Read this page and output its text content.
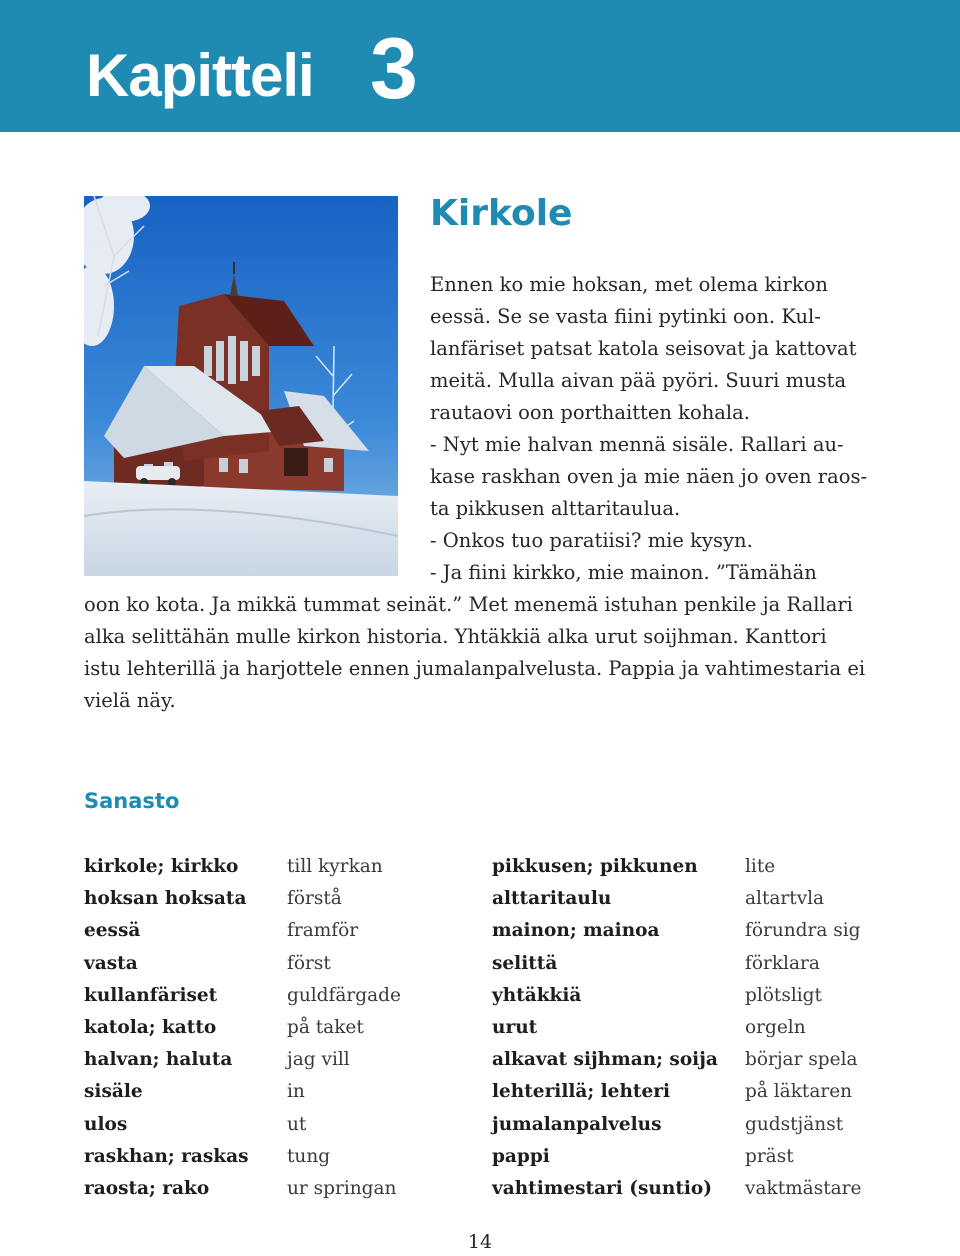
Kapitteli 3
Kirkole
Ennen ko mie hoksan, met olema kirkon
eessä. Se se vasta fiini pytinki oon. Kul-
lanfäriset patsat katola seisovat ja kattovat
meitä. Mulla aivan pää pyöri. Suuri musta
rautaovi oon porthaitten kohala.
- Nyt mie halvan mennä sisäle. Rallari au-
kase raskhan oven ja mie näen jo oven raos-
ta pikkusen alttaritaulua.
- Onkos tuo paratiisi? mie kysyn.
- Ja fiini kirkko, mie mainon. ”Tämähän
oon ko kota. Ja mikkä tummat seinät.” Met menemä istuhan penkile ja Rallari
alka selittähän mulle kirkon historia. Yhtäkkiä alka urut soijhman. Kanttori
istu lehterillä ja harjottele ennen jumalanpalvelusta. Pappia ja vahtimestaria ei
vielä näy.
Sanasto
kirkole; kirkko	till kyrkan	pikkusen; pikkunen	lite
hoksan hoksata förstå	alttaritaulu	altartvla
eessä	framför	mainon; mainoa	förundra sig
vasta	först	selittä	förklara
kullanfäriset	guldfärgade	yhtäkkiä	plötsligt
katola; katto	på taket	urut	orgeln
halvan; haluta	jag vill	alkavat sijhman; soija börjar spela
sisäle	in	lehterillä; lehteri	på läktaren
ulos	ut	jumalanpalvelus	gudstjänst
raskhan; raskas tung	pappi	präst
raosta; rako	ur springan	vahtimestari (suntio) vaktmästare
14
